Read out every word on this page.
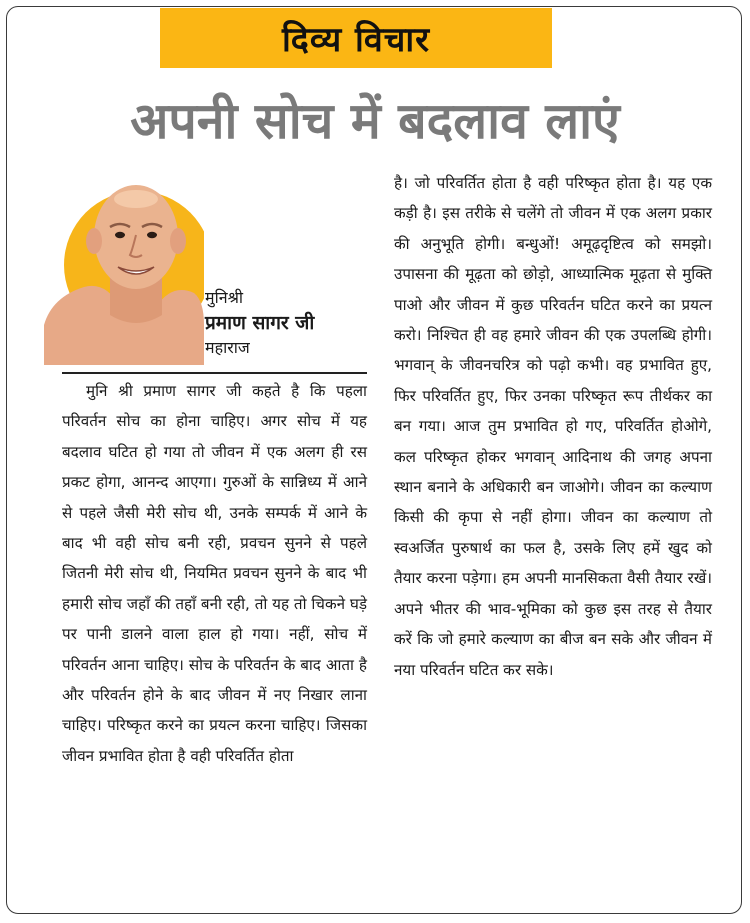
दिव्य विचार
अपनी सोच में बदलाव लाएं
मुनिश्री
प्रमाण सागर जी
महाराज
मुनि श्री प्रमाण सागर जी कहते है कि पहला परिवर्तन सोच का होना चाहिए। अगर सोच में यह बदलाव घटित हो गया तो जीवन में एक अलग ही रस प्रकट होगा, आनन्द आएगा। गुरुओं के सान्निध्य में आने से पहले जैसी मेरी सोच थी, उनके सम्पर्क में आने के बाद भी वही सोच बनी रही, प्रवचन सुनने से पहले जितनी मेरी सोच थी, नियमित प्रवचन सुनने के बाद भी हमारी सोच जहाँ की तहाँ बनी रही, तो यह तो चिकने घड़े पर पानी डालने वाला हाल हो गया। नहीं, सोच में परिवर्तन आना चाहिए। सोच के परिवर्तन के बाद आता है और परिवर्तन होने के बाद जीवन में नए निखार लाना चाहिए। परिष्कृत करने का प्रयत्न करना चाहिए। जिसका जीवन प्रभावित होता है वही परिवर्तित होता
है। जो परिवर्तित होता है वही परिष्कृत होता है। यह एक कड़ी है। इस तरीके से चलेंगे तो जीवन में एक अलग प्रकार की अनुभूति होगी। बन्धुओं! अमूढ़दृष्टित्व को समझो। उपासना की मूढ़ता को छोड़ो, आध्यात्मिक मूढ़ता से मुक्ति पाओ और जीवन में कुछ परिवर्तन घटित करने का प्रयत्न करो। निश्चित ही वह हमारे जीवन की एक उपलब्धि होगी। भगवान् के जीवनचरित्र को पढ़ो कभी। वह प्रभावित हुए, फिर परिवर्तित हुए, फिर उनका परिष्कृत रूप तीर्थकर का बन गया। आज तुम प्रभावित हो गए, परिवर्तित होओगे, कल परिष्कृत होकर भगवान् आदिनाथ की जगह अपना स्थान बनाने के अधिकारी बन जाओगे। जीवन का कल्याण किसी की कृपा से नहीं होगा। जीवन का कल्याण तो स्वअर्जित पुरुषार्थ का फल है, उसके लिए हमें खुद को तैयार करना पड़ेगा। हम अपनी मानसिकता वैसी तैयार रखें। अपने भीतर की भाव-भूमिका को कुछ इस तरह से तैयार करें कि जो हमारे कल्याण का बीज बन सके और जीवन में नया परिवर्तन घटित कर सके।
